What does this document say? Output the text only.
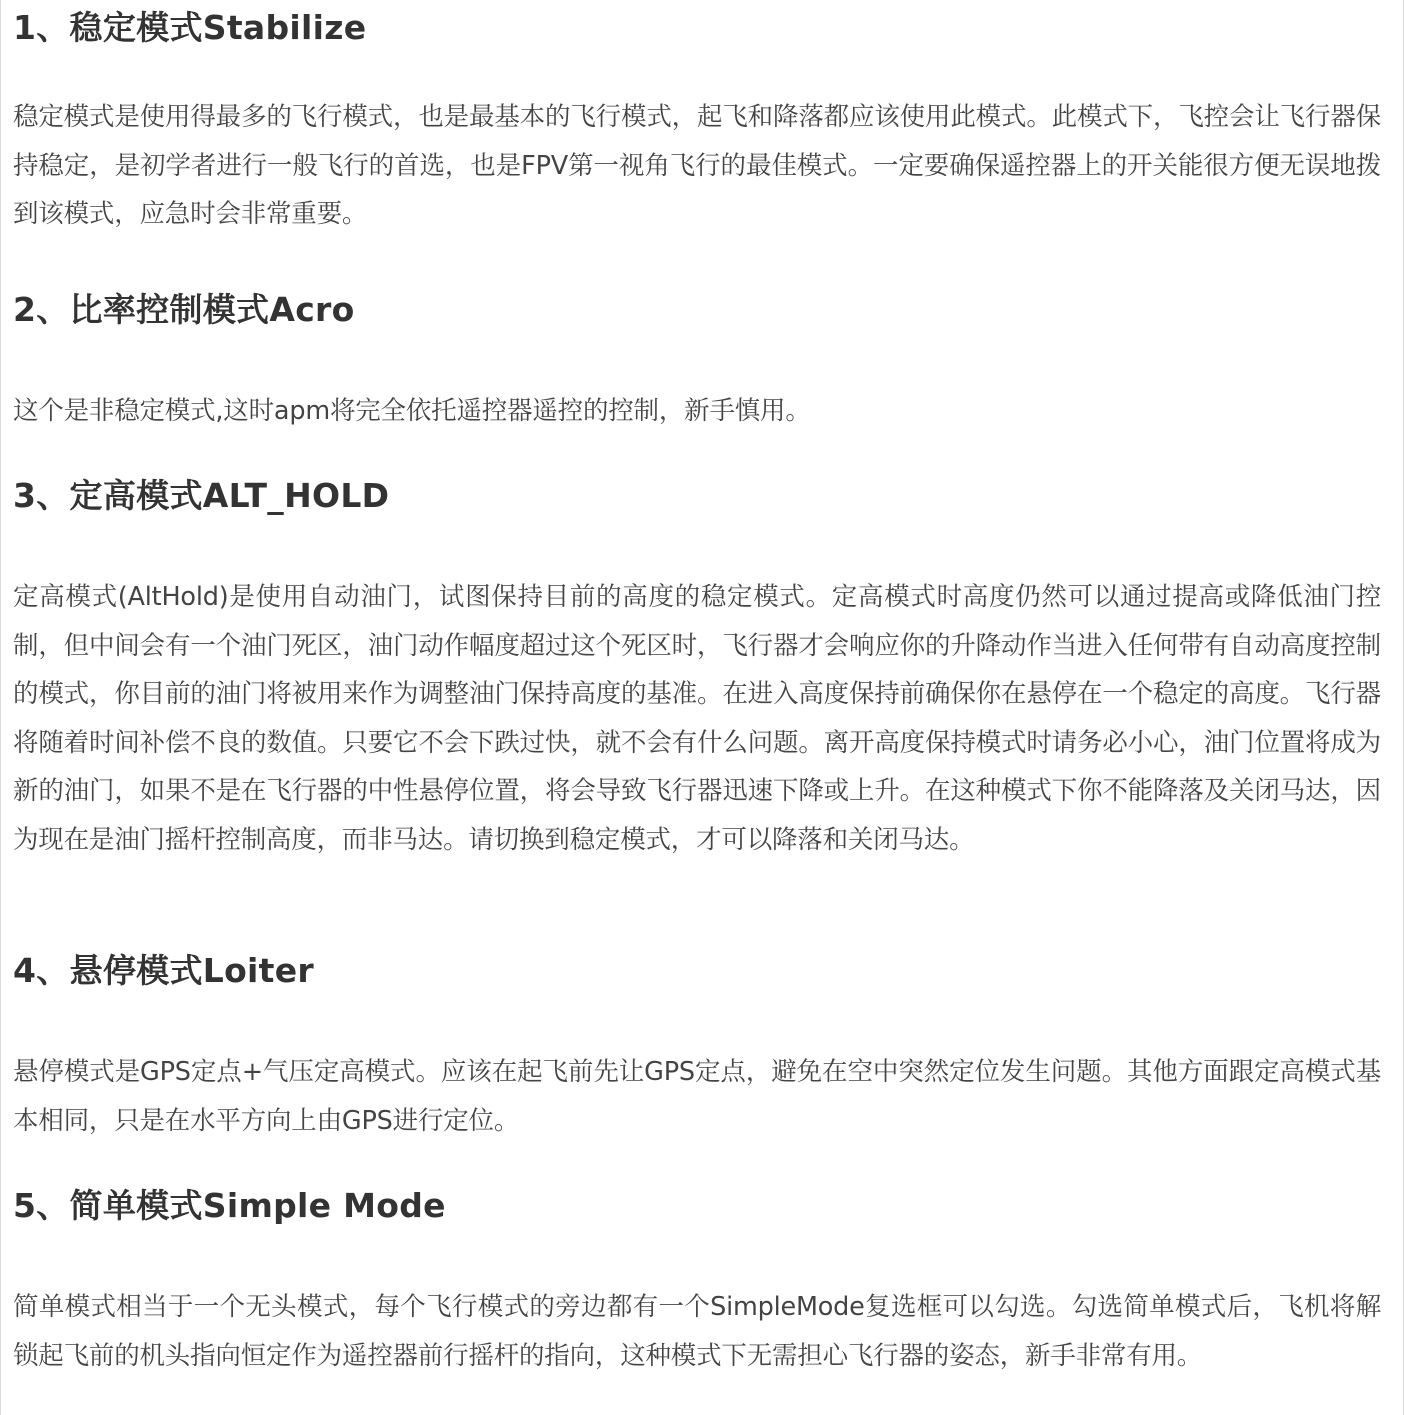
1、稳定模式Stabilize

稳定模式是使用得最多的飞行模式，也是最基本的飞行模式，起飞和降落都应该使用此模式。此模式下，飞控会让飞行器保持稳定，是初学者进行一般飞行的首选，也是FPV第一视角飞行的最佳模式。一定要确保遥控器上的开关能很方便无误地拨到该模式，应急时会非常重要。

2、比率控制模式Acro

这个是非稳定模式,这时apm将完全依托遥控器遥控的控制，新手慎用。

3、定高模式ALT_HOLD

定高模式(AltHold)是使用自动油门，试图保持目前的高度的稳定模式。定高模式时高度仍然可以通过提高或降低油门控制，但中间会有一个油门死区，油门动作幅度超过这个死区时，飞行器才会响应你的升降动作当进入任何带有自动高度控制的模式，你目前的油门将被用来作为调整油门保持高度的基准。在进入高度保持前确保你在悬停在一个稳定的高度。飞行器将随着时间补偿不良的数值。只要它不会下跌过快，就不会有什么问题。离开高度保持模式时请务必小心，油门位置将成为新的油门，如果不是在飞行器的中性悬停位置，将会导致飞行器迅速下降或上升。在这种模式下你不能降落及关闭马达，因为现在是油门摇杆控制高度，而非马达。请切换到稳定模式，才可以降落和关闭马达。

4、悬停模式Loiter

悬停模式是GPS定点+气压定高模式。应该在起飞前先让GPS定点，避免在空中突然定位发生问题。其他方面跟定高模式基本相同，只是在水平方向上由GPS进行定位。

5、简单模式Simple Mode

简单模式相当于一个无头模式，每个飞行模式的旁边都有一个SimpleMode复选框可以勾选。勾选简单模式后，飞机将解锁起飞前的机头指向恒定作为遥控器前行摇杆的指向，这种模式下无需担心飞行器的姿态，新手非常有用。
